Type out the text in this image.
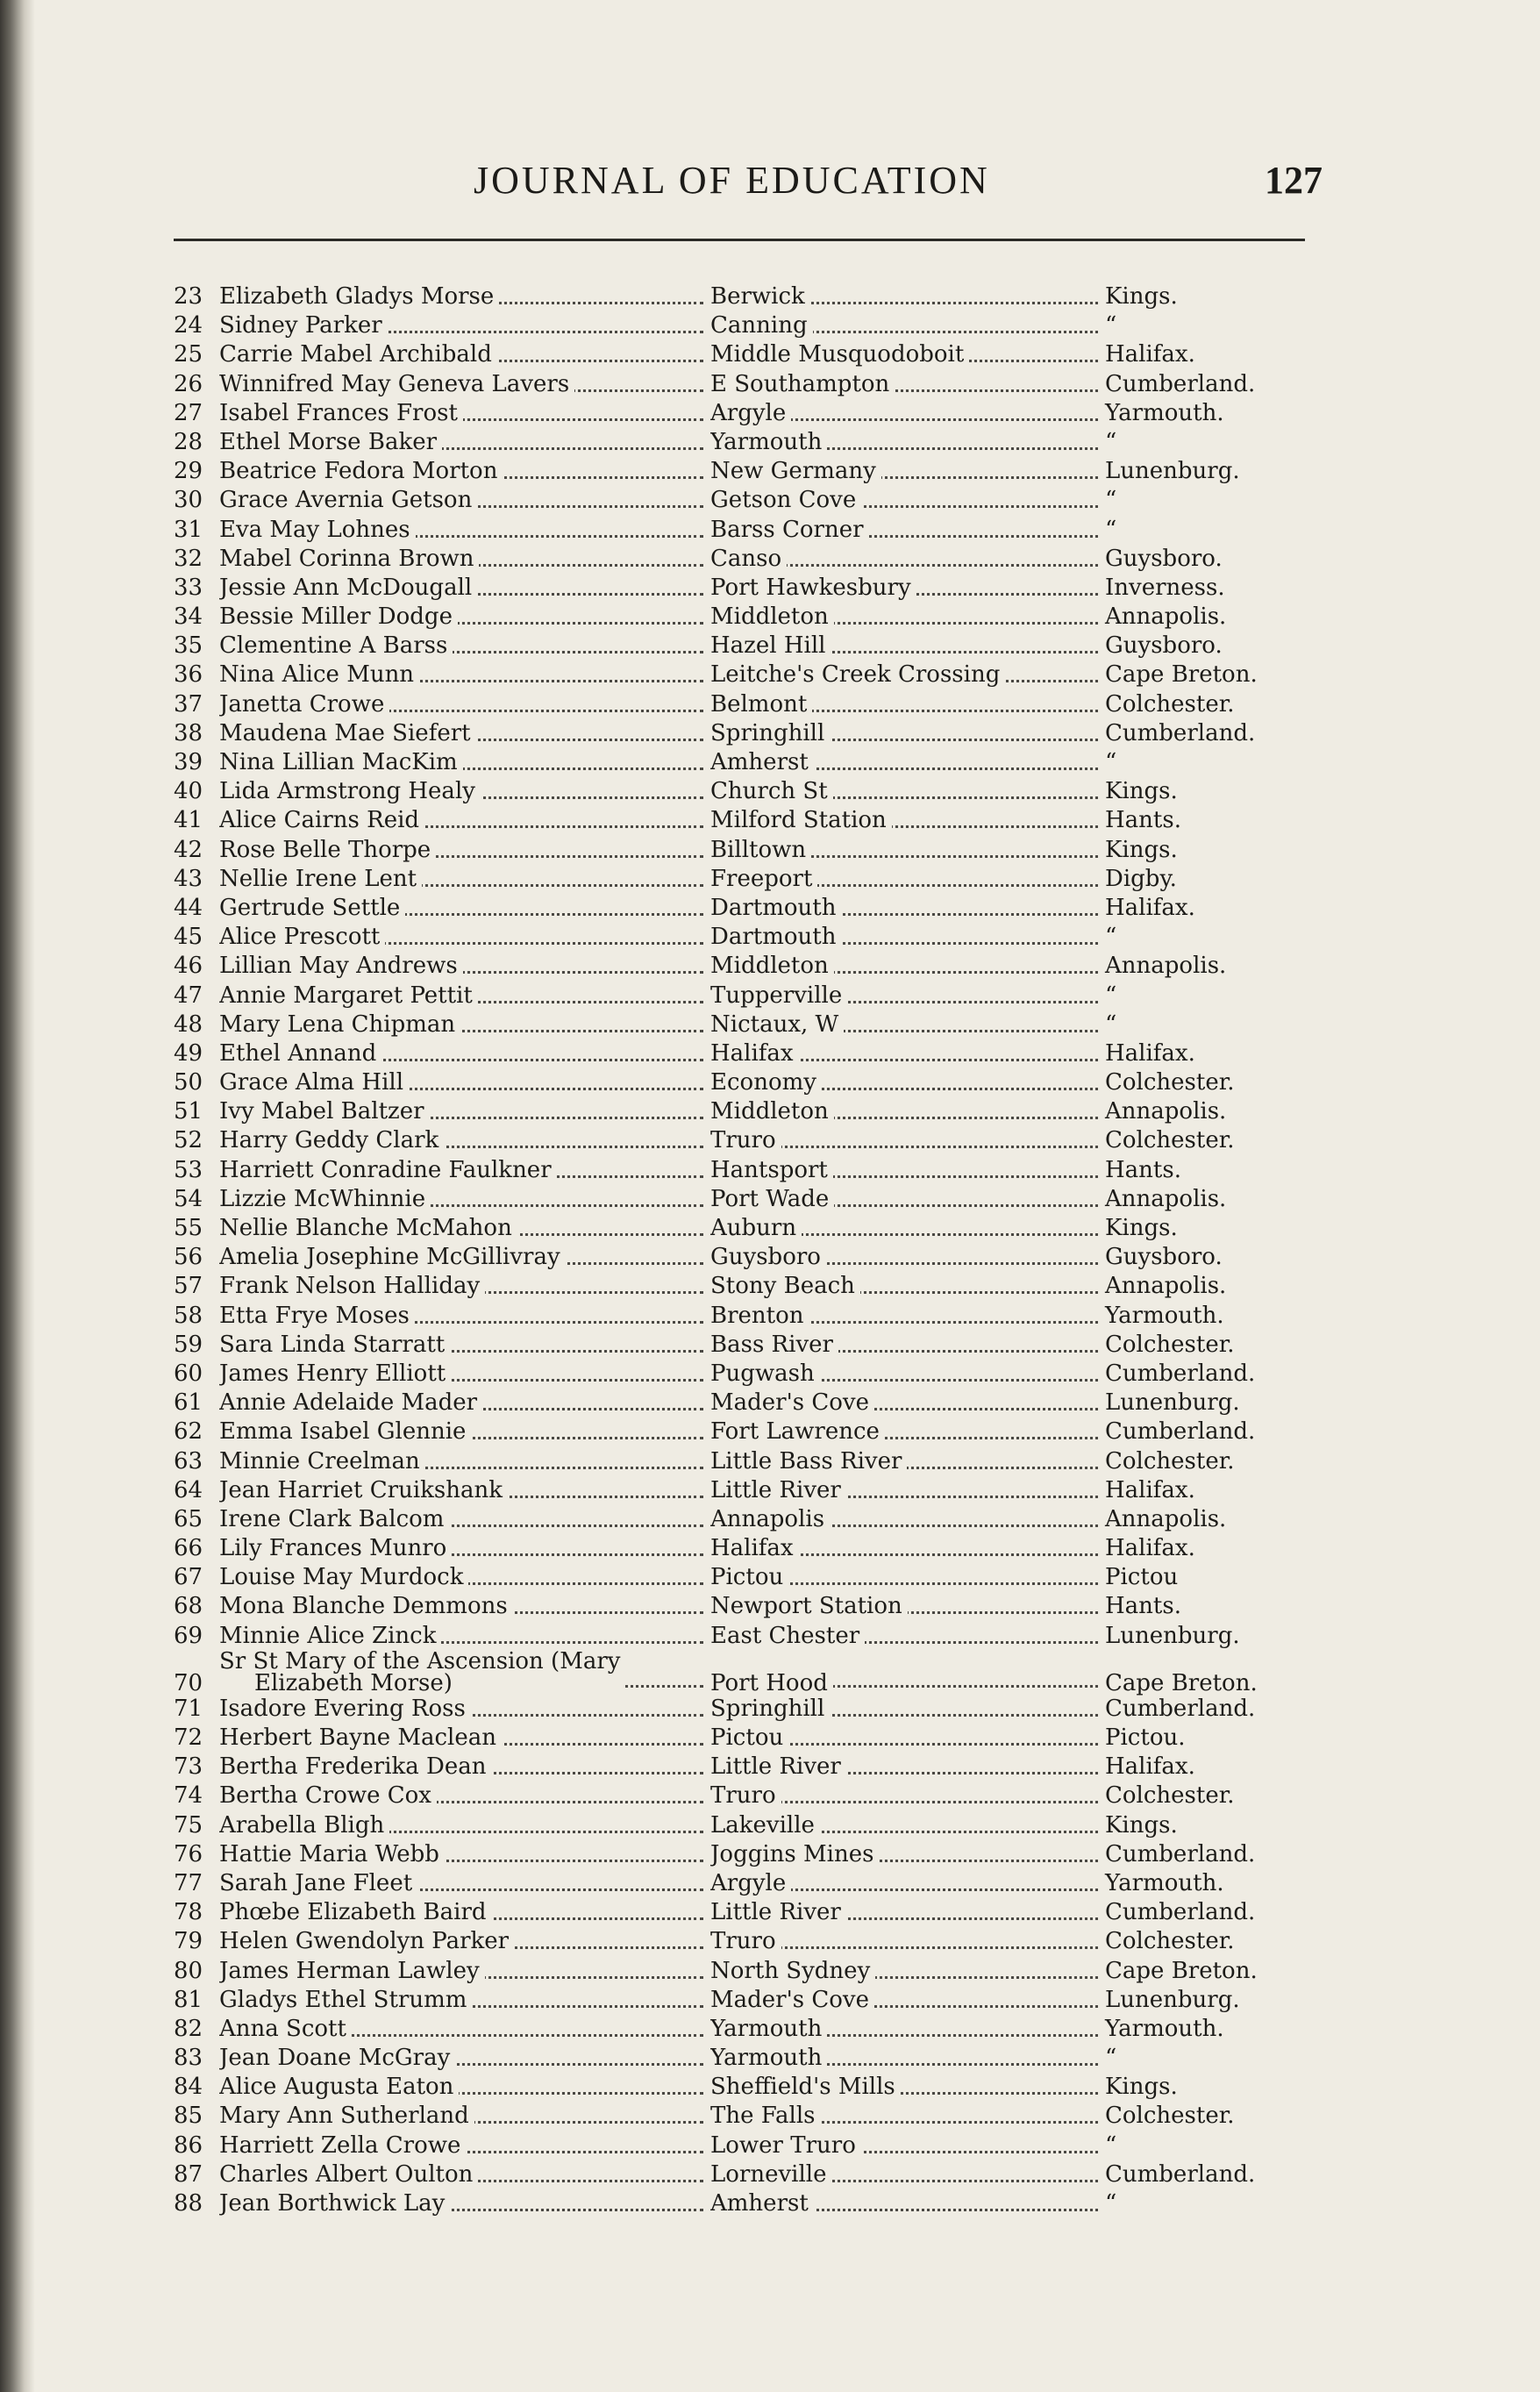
JOURNAL OF EDUCATION	127
23 Elizabeth Gladys Morse	Berwick	Kings.
24 Sidney Parker	Canning	“
25 Carrie Mabel Archibald	Middle Musquodoboit	Halifax.
26 Winnifred May Geneva Lavers	E Southampton	Cumberland.
27 Isabel Frances Frost	Argyle	Yarmouth.
28 Ethel Morse Baker	Yarmouth	“
29 Beatrice Fedora Morton	New Germany	Lunenburg.
30 Grace Avernia Getson	Getson Cove	“
31 Eva May Lohnes	Barss Corner	“
32 Mabel Corinna Brown	Canso	Guysboro.
33 Jessie Ann McDougall	Port Hawkesbury	Inverness.
34 Bessie Miller Dodge	Middleton	Annapolis.
35 Clementine A Barss	Hazel Hill	Guysboro.
36 Nina Alice Munn	Leitche's Creek Crossing	Cape Breton.
37 Janetta Crowe	Belmont	Colchester.
38 Maudena Mae Siefert	Springhill	Cumberland.
39 Nina Lillian MacKim	Amherst	“
40 Lida Armstrong Healy	Church St	Kings.
41 Alice Cairns Reid	Milford Station	Hants.
42 Rose Belle Thorpe	Billtown	Kings.
43 Nellie Irene Lent	Freeport	Digby.
44 Gertrude Settle	Dartmouth	Halifax.
45 Alice Prescott	Dartmouth	“
46 Lillian May Andrews	Middleton	Annapolis.
47 Annie Margaret Pettit	Tupperville	“
48 Mary Lena Chipman	Nictaux, W	“
49 Ethel Annand	Halifax	Halifax.
50 Grace Alma Hill	Economy	Colchester.
51 Ivy Mabel Baltzer	Middleton	Annapolis.
52 Harry Geddy Clark	Truro	Colchester.
53 Harriett Conradine Faulkner	Hantsport	Hants.
54 Lizzie McWhinnie	Port Wade	Annapolis.
55 Nellie Blanche McMahon	Auburn	Kings.
56 Amelia Josephine McGillivray	Guysboro	Guysboro.
57 Frank Nelson Halliday	Stony Beach	Annapolis.
58 Etta Frye Moses	Brenton	Yarmouth.
59 Sara Linda Starratt	Bass River	Colchester.
60 James Henry Elliott	Pugwash	Cumberland.
61 Annie Adelaide Mader	Mader's Cove	Lunenburg.
62 Emma Isabel Glennie	Fort Lawrence	Cumberland.
63 Minnie Creelman	Little Bass River	Colchester.
64 Jean Harriet Cruikshank	Little River	Halifax.
65 Irene Clark Balcom	Annapolis	Annapolis.
66 Lily Frances Munro	Halifax	Halifax.
67 Louise May Murdock	Pictou	Pictou
68 Mona Blanche Demmons	Newport Station	Hants.
69 Minnie Alice Zinck	East Chester	Lunenburg.
70
Sr St Mary of the Ascension (Mary
Elizabeth Morse)	Port Hood	Cape Breton.
71 Isadore Evering Ross	Springhill	Cumberland.
72 Herbert Bayne Maclean	Pictou	Pictou.
73 Bertha Frederika Dean	Little River	Halifax.
74 Bertha Crowe Cox	Truro	Colchester.
75 Arabella Bligh	Lakeville	Kings.
76 Hattie Maria Webb	Joggins Mines	Cumberland.
77 Sarah Jane Fleet	Argyle	Yarmouth.
78 Phœbe Elizabeth Baird	Little River	Cumberland.
79 Helen Gwendolyn Parker	Truro	Colchester.
80 James Herman Lawley	North Sydney	Cape Breton.
81 Gladys Ethel Strumm	Mader's Cove	Lunenburg.
82 Anna Scott	Yarmouth	Yarmouth.
83 Jean Doane McGray	Yarmouth	“
84 Alice Augusta Eaton	Sheffield's Mills	Kings.
85 Mary Ann Sutherland	The Falls	Colchester.
86 Harriett Zella Crowe	Lower Truro	“
87 Charles Albert Oulton	Lorneville	Cumberland.
88 Jean Borthwick Lay	Amherst	“
